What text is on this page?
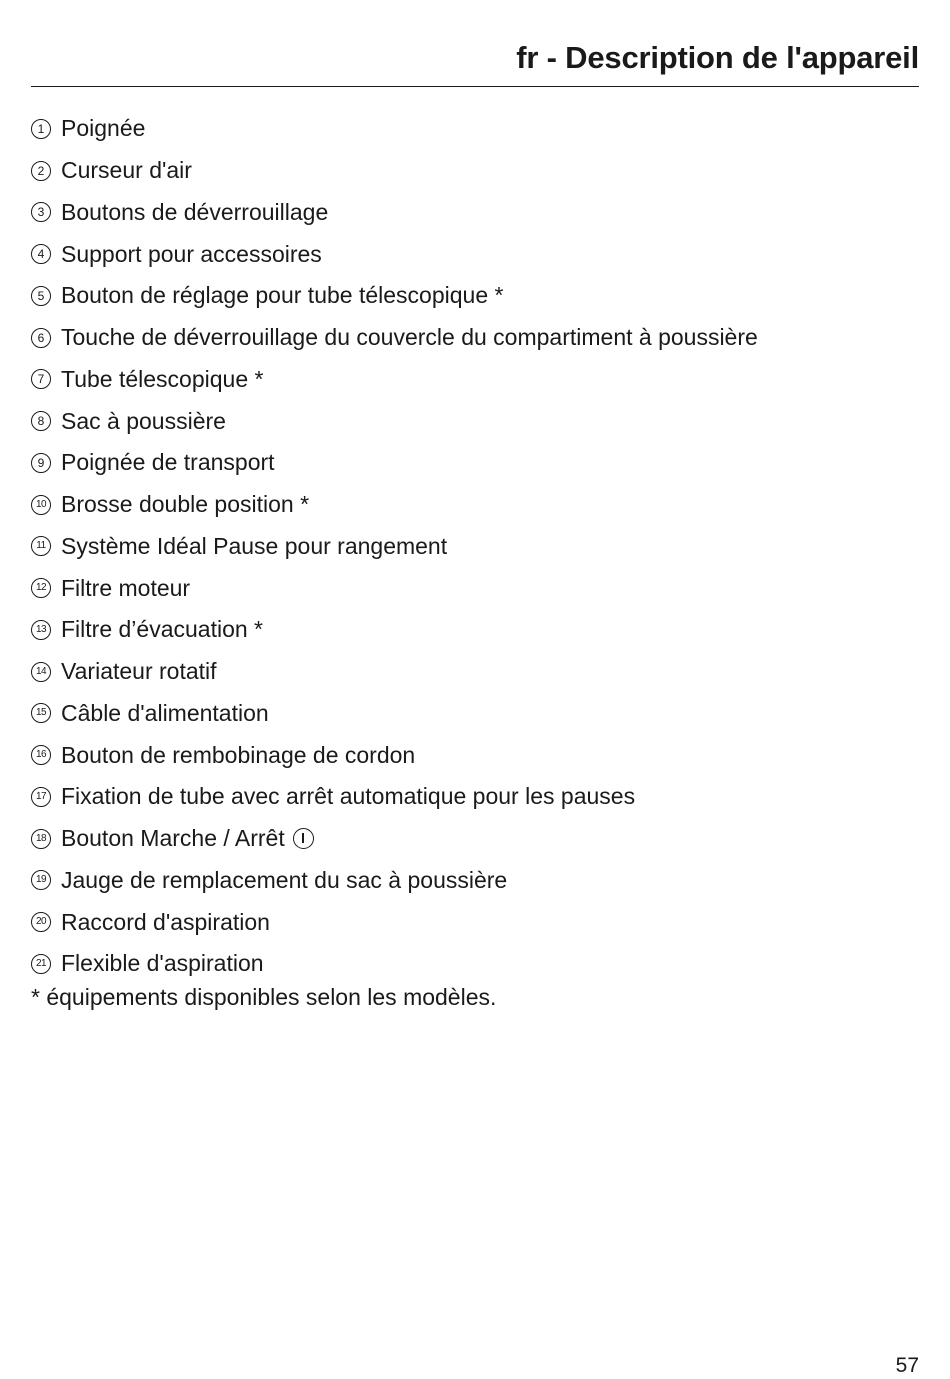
fr - Description de l'appareil
1 Poignée
2 Curseur d'air
3 Boutons de déverrouillage
4 Support pour accessoires
5 Bouton de réglage pour tube télescopique *
6 Touche de déverrouillage du couvercle du compartiment à poussière
7 Tube télescopique *
8 Sac à poussière
9 Poignée de transport
10 Brosse double position *
11 Système Idéal Pause pour rangement
12 Filtre moteur
13 Filtre d’évacuation *
14 Variateur rotatif
15 Câble d'alimentation
16 Bouton de rembobinage de cordon
17 Fixation de tube avec arrêt automatique pour les pauses
18 Bouton Marche / Arrêt
19 Jauge de remplacement du sac à poussière
20 Raccord d'aspiration
21 Flexible d'aspiration
* équipements disponibles selon les modèles.
57
